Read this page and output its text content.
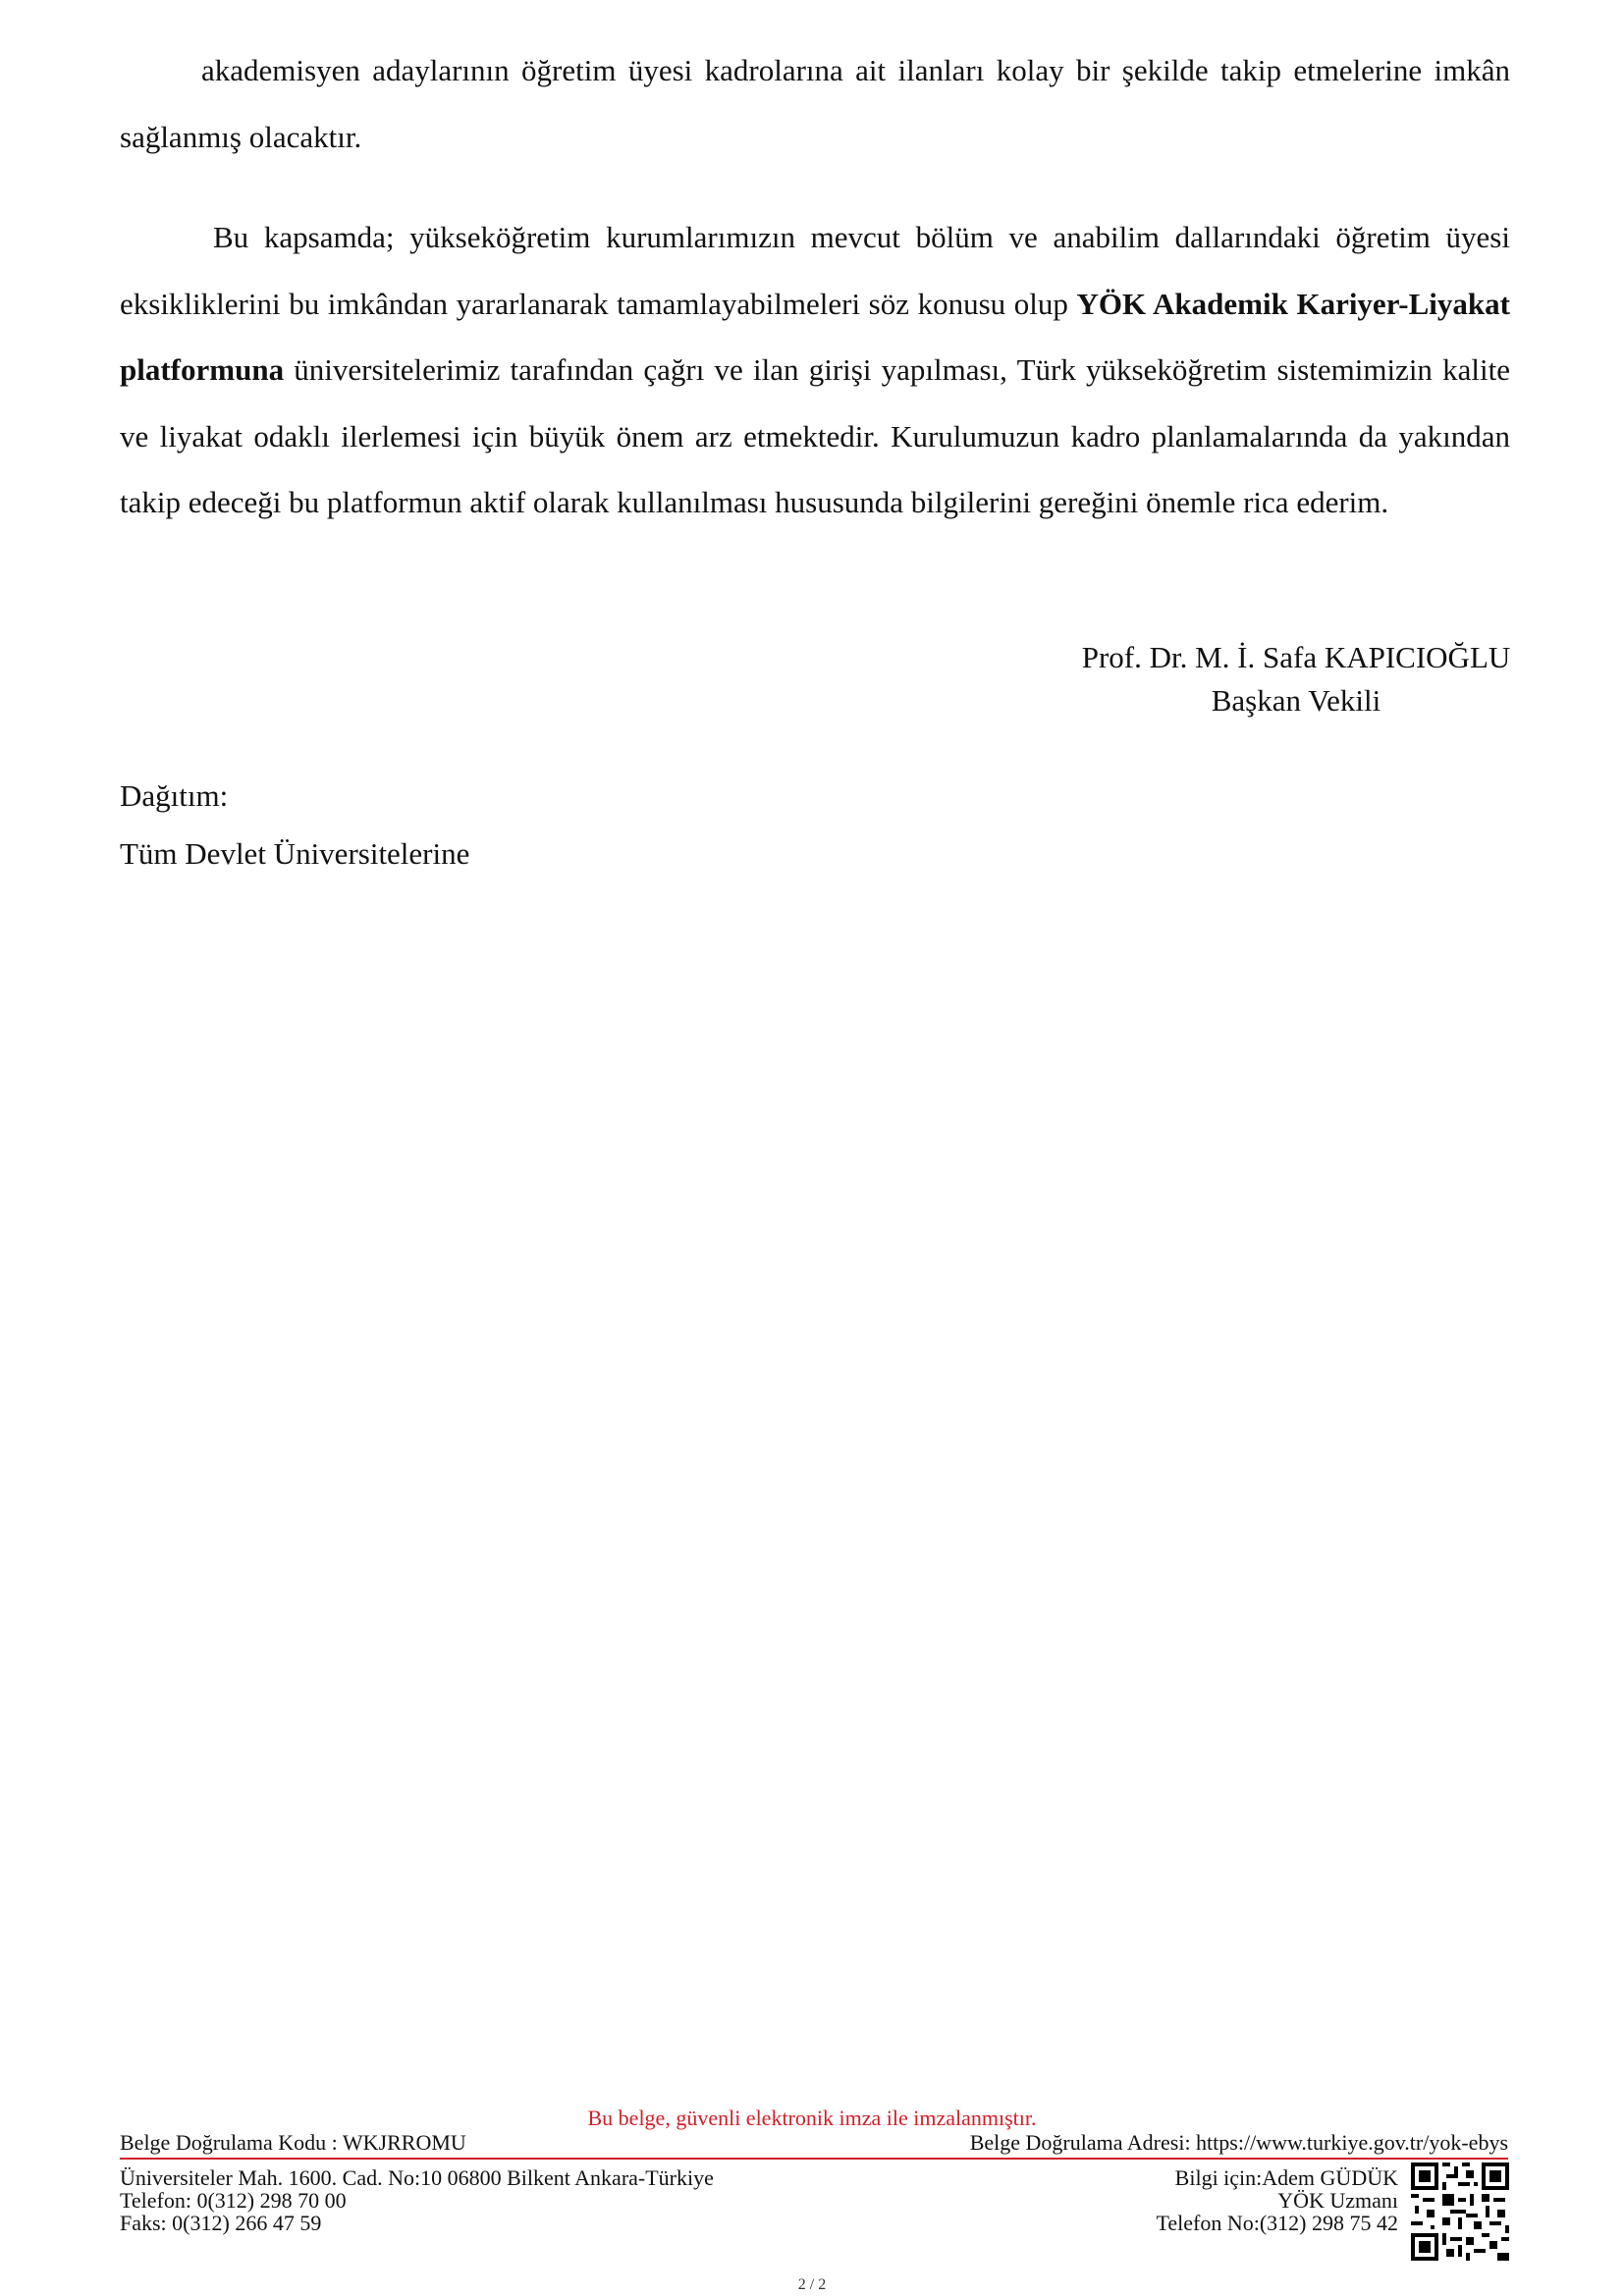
akademisyen adaylarının öğretim üyesi kadrolarına ait ilanları kolay bir şekilde takip etmelerine imkân sağlanmış olacaktır.
Bu kapsamda; yükseköğretim kurumlarımızın mevcut bölüm ve anabilim dallarındaki öğretim üyesi eksikliklerini bu imkândan yararlanarak tamamlayabilmeleri söz konusu olup YÖK Akademik Kariyer-Liyakat platformuna üniversitelerimiz tarafından çağrı ve ilan girişi yapılması, Türk yükseköğretim sistemimizin kalite ve liyakat odaklı ilerlemesi için büyük önem arz etmektedir. Kurulumuzun kadro planlamalarında da yakından takip edeceği bu platformun aktif olarak kullanılması hususunda bilgilerini gereğini önemle rica ederim.
Prof. Dr. M. İ. Safa KAPICIOĞLU
Başkan Vekili
Dağıtım:
Tüm Devlet Üniversitelerine
Bu belge, güvenli elektronik imza ile imzalanmıştır.
Belge Doğrulama Kodu : WKJRROMU	Belge Doğrulama Adresi: https://www.turkiye.gov.tr/yok-ebys
Üniversiteler Mah. 1600. Cad. No:10 06800 Bilkent Ankara-Türkiye
Telefon: 0(312) 298 70 00
Faks: 0(312) 266 47 59
Bilgi için:Adem GÜDÜK
YÖK Uzmanı
Telefon No:(312) 298 75 42
2 / 2
